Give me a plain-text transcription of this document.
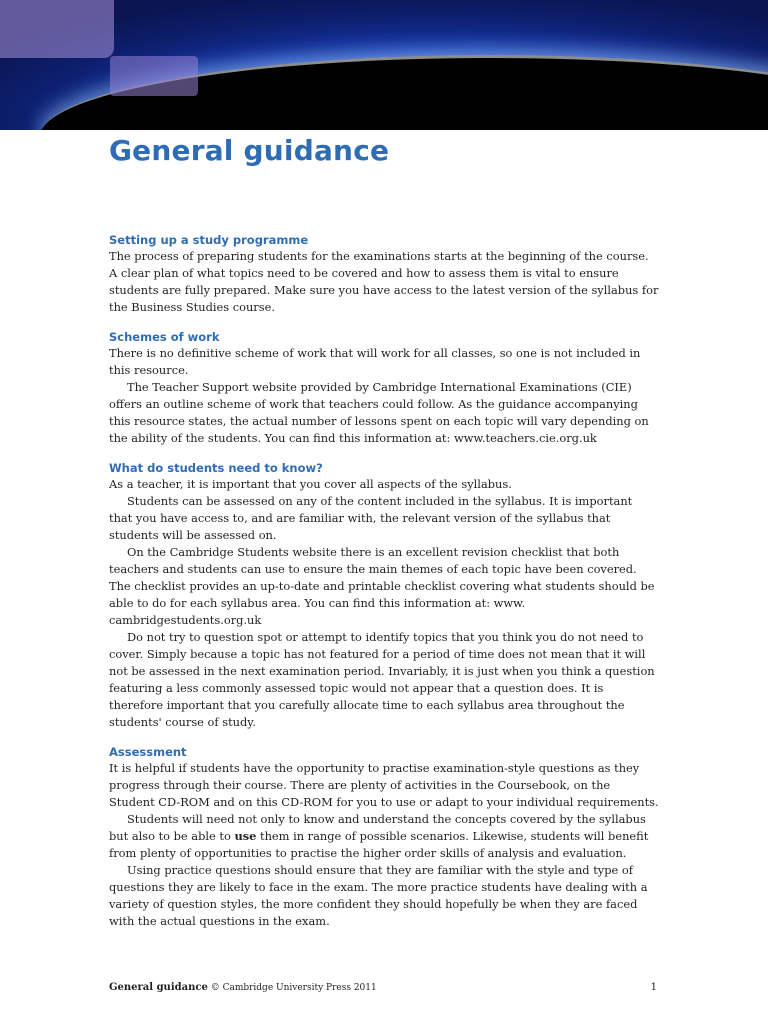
General guidance
Setting up a study programme

The process of preparing students for the examinations starts at the beginning of the course. A clear plan of what topics need to be covered and how to assess them is vital to ensure students are fully prepared. Make sure you have access to the latest version of the syllabus for the Business Studies course.

Schemes of work

There is no definitive scheme of work that will work for all classes, so one is not included in this resource.

The Teacher Support website provided by Cambridge International Examinations (CIE) offers an outline scheme of work that teachers could follow. As the guidance accompanying this resource states, the actual number of lessons spent on each topic will vary depending on the ability of the students. You can find this information at: www.teachers.cie.org.uk

What do students need to know?

As a teacher, it is important that you cover all aspects of the syllabus.

Students can be assessed on any of the content included in the syllabus. It is important that you have access to, and are familiar with, the relevant version of the syllabus that students will be assessed on.

On the Cambridge Students website there is an excellent revision checklist that both teachers and students can use to ensure the main themes of each topic have been covered. The checklist provides an up-to-date and printable checklist covering what students should be able to do for each syllabus area. You can find this information at: www. cambridgestudents.org.uk

Do not try to question spot or attempt to identify topics that you think you do not need to cover. Simply because a topic has not featured for a period of time does not mean that it will not be assessed in the next examination period. Invariably, it is just when you think a question featuring a less commonly assessed topic would not appear that a question does. It is therefore important that you carefully allocate time to each syllabus area throughout the students' course of study.

Assessment

It is helpful if students have the opportunity to practise examination-style questions as they progress through their course. There are plenty of activities in the Coursebook, on the Student CD-ROM and on this CD-ROM for you to use or adapt to your individual requirements.

Students will need not only to know and understand the concepts covered by the syllabus but also to be able to use them in range of possible scenarios. Likewise, students will benefit from plenty of opportunities to practise the higher order skills of analysis and evaluation.

Using practice questions should ensure that they are familiar with the style and type of questions they are likely to face in the exam. The more practice students have dealing with a variety of question styles, the more confident they should hopefully be when they are faced with the actual questions in the exam.

General guidance © Cambridge University Press 2011	1
